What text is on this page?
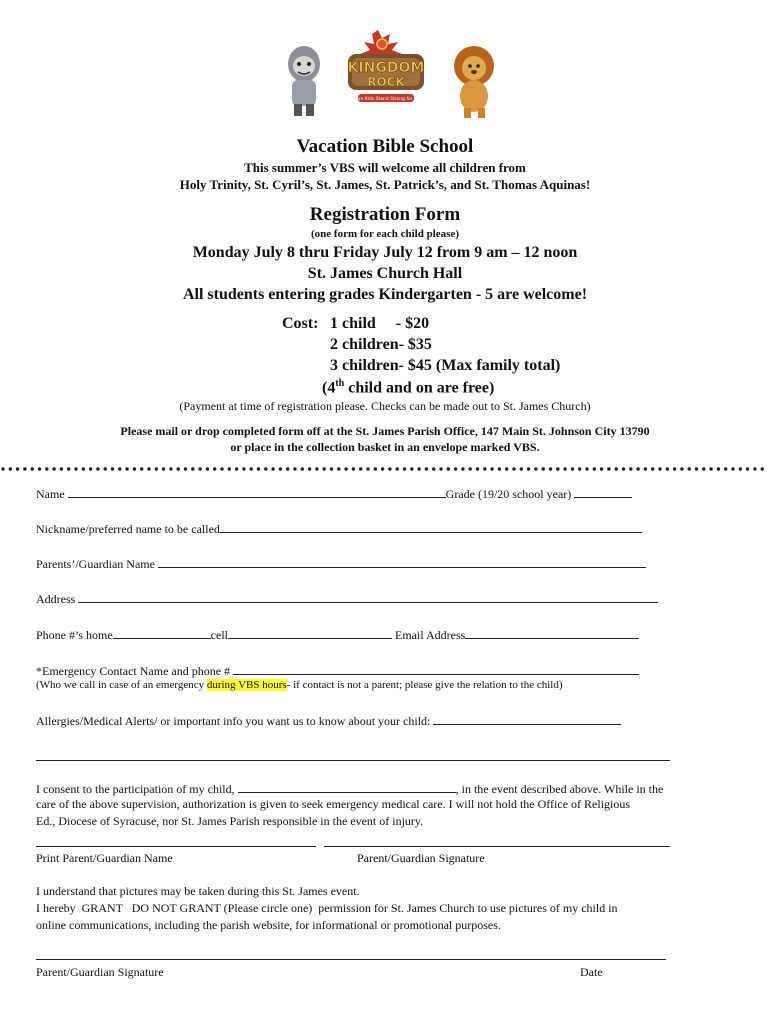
KINGDOM
ROCK
Where Kids Stand Strong for God
Vacation Bible School
This summer’s VBS will welcome all children from
Holy Trinity, St. Cyril’s, St. James, St. Patrick’s, and St. Thomas Aquinas!
Registration Form
(one form for each child please)
Monday July 8 thru Friday July 12 from 9 am – 12 noon
St. James Church Hall
All students entering grades Kindergarten - 5 are welcome!
Cost: 1 child     - $20
2 children- $35
3 children- $45 (Max family total)
(4th child and on are free)
(Payment at time of registration please. Checks can be made out to St. James Church)
Please mail or drop completed form off at the St. James Parish Office, 147 Main St. Johnson City 13790
or place in the collection basket in an envelope marked VBS.
Name	Grade (19/20 school year)
Nickname/preferred name to be called
Parents’/Guardian Name
Address
Phone #’s home	cell	Email Address
*Emergency Contact Name and phone #
(Who we call in case of an emergency during VBS hours- if contact is not a parent; please give the relation to the child)
Allergies/Medical Alerts/ or important info you want us to know about your child:
I consent to the participation of my child,	, in the event described above. While in the
care of the above supervision, authorization is given to seek emergency medical care. I will not hold the Office of Religious
Ed., Diocese of Syracuse, nor St. James Parish responsible in the event of injury.
Print Parent/Guardian Name	Parent/Guardian Signature
I understand that pictures may be taken during this St. James event.
I hereby  GRANT   DO NOT GRANT (Please circle one)  permission for St. James Church to use pictures of my child in
online communications, including the parish website, for informational or promotional purposes.
Parent/Guardian Signature	Date
